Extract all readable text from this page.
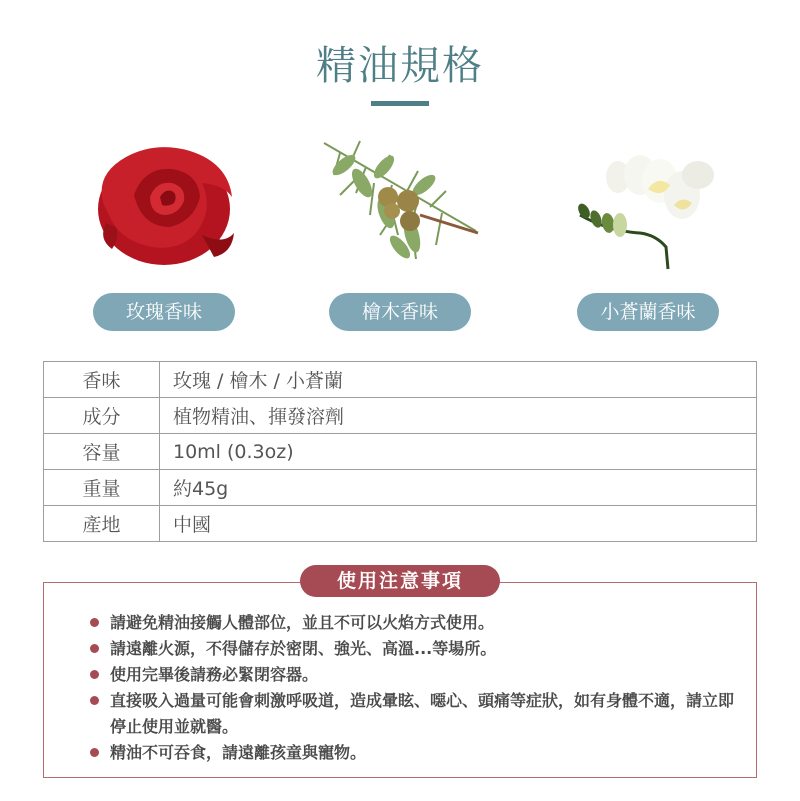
精油規格
玫瑰香味	檜木香味	小蒼蘭香味
香味	玫瑰 / 檜木 / 小蒼蘭
成分	植物精油、揮發溶劑
容量	10ml (0.3oz)
重量	約45g
產地	中國
使用注意事項
請避免精油接觸人體部位，並且不可以火焰方式使用。
請遠離火源，不得儲存於密閉、強光、高溫...等場所。
使用完畢後請務必緊閉容器。
直接吸入過量可能會刺激呼吸道，造成暈眩、噁心、頭痛等症狀，如有身體不適，請立即停止使用並就醫。
精油不可吞食，請遠離孩童與寵物。
